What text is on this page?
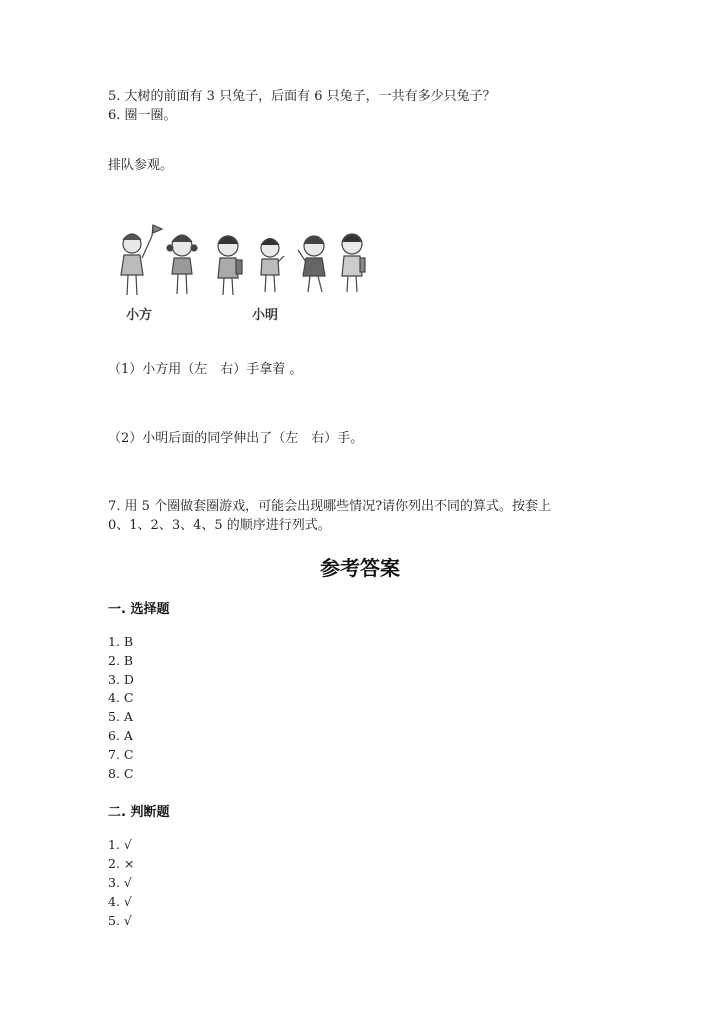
5. 大树的前面有 3 只兔子，后面有 6 只兔子，一共有多少只兔子？
6. 圈一圈。
排队参观。
小方	小明
（1）小方用（左　右）手拿着 。
（2）小明后面的同学伸出了（左　右）手。
7. 用 5 个圈做套圈游戏，可能会出现哪些情况?请你列出不同的算式。按套上
0、1、2、3、4、5 的顺序进行列式。
参考答案
一. 选择题
1. B
2. B
3. D
4. C
5. A
6. A
7. C
8. C
二. 判断题
1. √
2. ×
3. √
4. √
5. √
